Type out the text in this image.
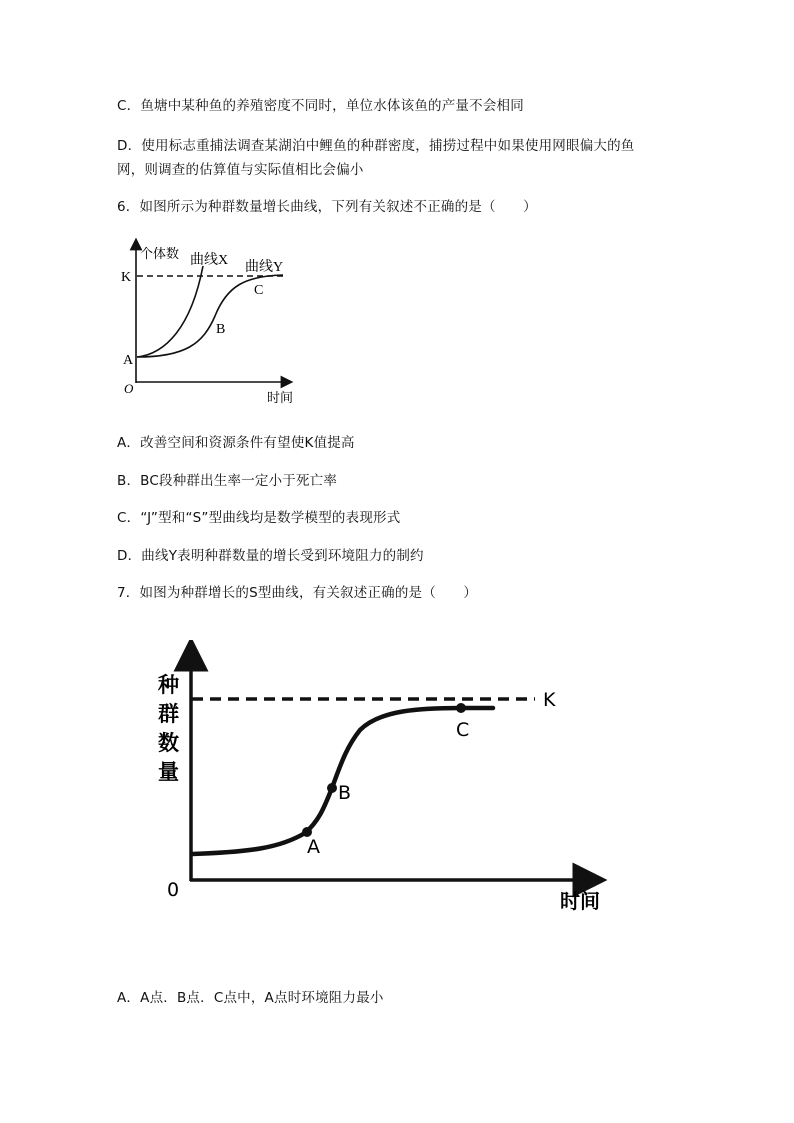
C．鱼塘中某种鱼的养殖密度不同时，单位水体该鱼的产量不会相同
D．使用标志重捕法调查某湖泊中鲤鱼的种群密度，捕捞过程中如果使用网眼偏大的鱼
网，则调查的估算值与实际值相比会偏小
6．如图所示为种群数量增长曲线，下列有关叙述不正确的是（　　）
个体数
时间
K
O
曲线X 曲线Y
A
B
C
A．改善空间和资源条件有望使K值提高
B．BC段种群出生率一定小于死亡率
C．“J”型和“S”型曲线均是数学模型的表现形式
D．曲线Y表明种群数量的增长受到环境阻力的制约
7．如图为种群增长的S型曲线，有关叙述正确的是（　　）
种
群
数
量
时间
K
0
A
B
C
A．A点．B点．C点中，A点时环境阻力最小
